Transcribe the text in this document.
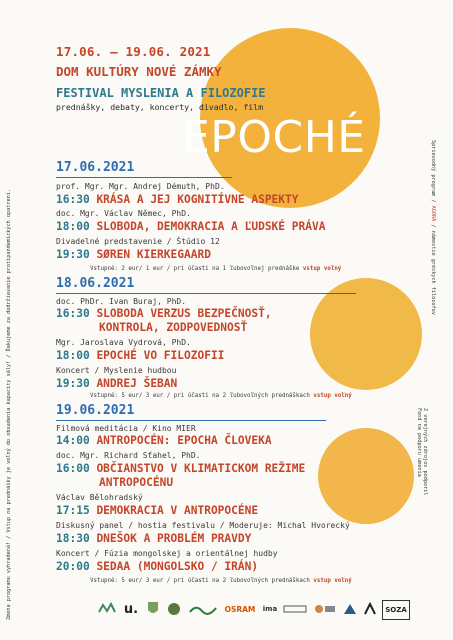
EPOCHÉ
Zmena programu vyhradená! / Vstup na prednášky je voľný do obsadenia kapacity sály! / Ďakujeme za dodržiavanie protipandemických opatrení.
Sprievodný program / AGORA / námestie gréckych filozofov
Z verejných zdrojov podporil
Fond na podporu umenia
17.06. – 19.06. 2021
DOM KULTÚRY NOVÉ ZÁMKY
FESTIVAL MYSLENIA A FILOZOFIE
prednášky, debaty, koncerty, divadlo, film
17.06.2021
prof. Mgr. Mgr. Andrej Démuth, PhD.
16:30 KRÁSA A JEJ KOGNITÍVNE ASPEKTY
doc. Mgr. Václav Němec, PhD.
18:00 SLOBODA, DEMOKRACIA A ĽUDSKÉ PRÁVA
Divadelné predstavenie / Štúdio 12
19:30 SØREN KIERKEGAARD
Vstupné: 2 eur/ 1 eur / pri účasti na 1 ľubovoľnej prednáške vstup voľný
18.06.2021
doc. PhDr. Ivan Buraj, PhD.
16:30 SLOBODA VERZUS BEZPEČNOSŤ,
KONTROLA, ZODPOVEDNOSŤ
Mgr. Jaroslava Vydrová, PhD.
18:00 EPOCHÉ VO FILOZOFII
Koncert / Myslenie hudbou
19:30 ANDREJ ŠEBAN
Vstupné: 5 eur/ 3 eur / pri účasti na 2 ľubovoľných prednáškach vstup voľný
19.06.2021
Filmová meditácia / Kino MIER
14:00 ANTROPOCÉN: EPOCHA ČLOVEKA
doc. Mgr. Richard Sťahel, PhD.
16:00 OBČIANSTVO V KLIMATICKOM REŽIME
ANTROPOCÉNU
Václav Bělohradský
17:15 DEMOKRACIA V ANTROPOCÉNE
Diskusný panel / hostia festivalu / Moderuje: Michal Hvorecký
18:30 DNEŠOK A PROBLÉM PRAVDY
Koncert / Fúzia mongolskej a orientálnej hudby
20:00 SEDAA (MONGOLSKO / IRÁN)
Vstupné: 5 eur/ 3 eur / pri účasti na 2 ľubovoľných prednáškach vstup voľný
u.	OSRAM	ima	SOZA
